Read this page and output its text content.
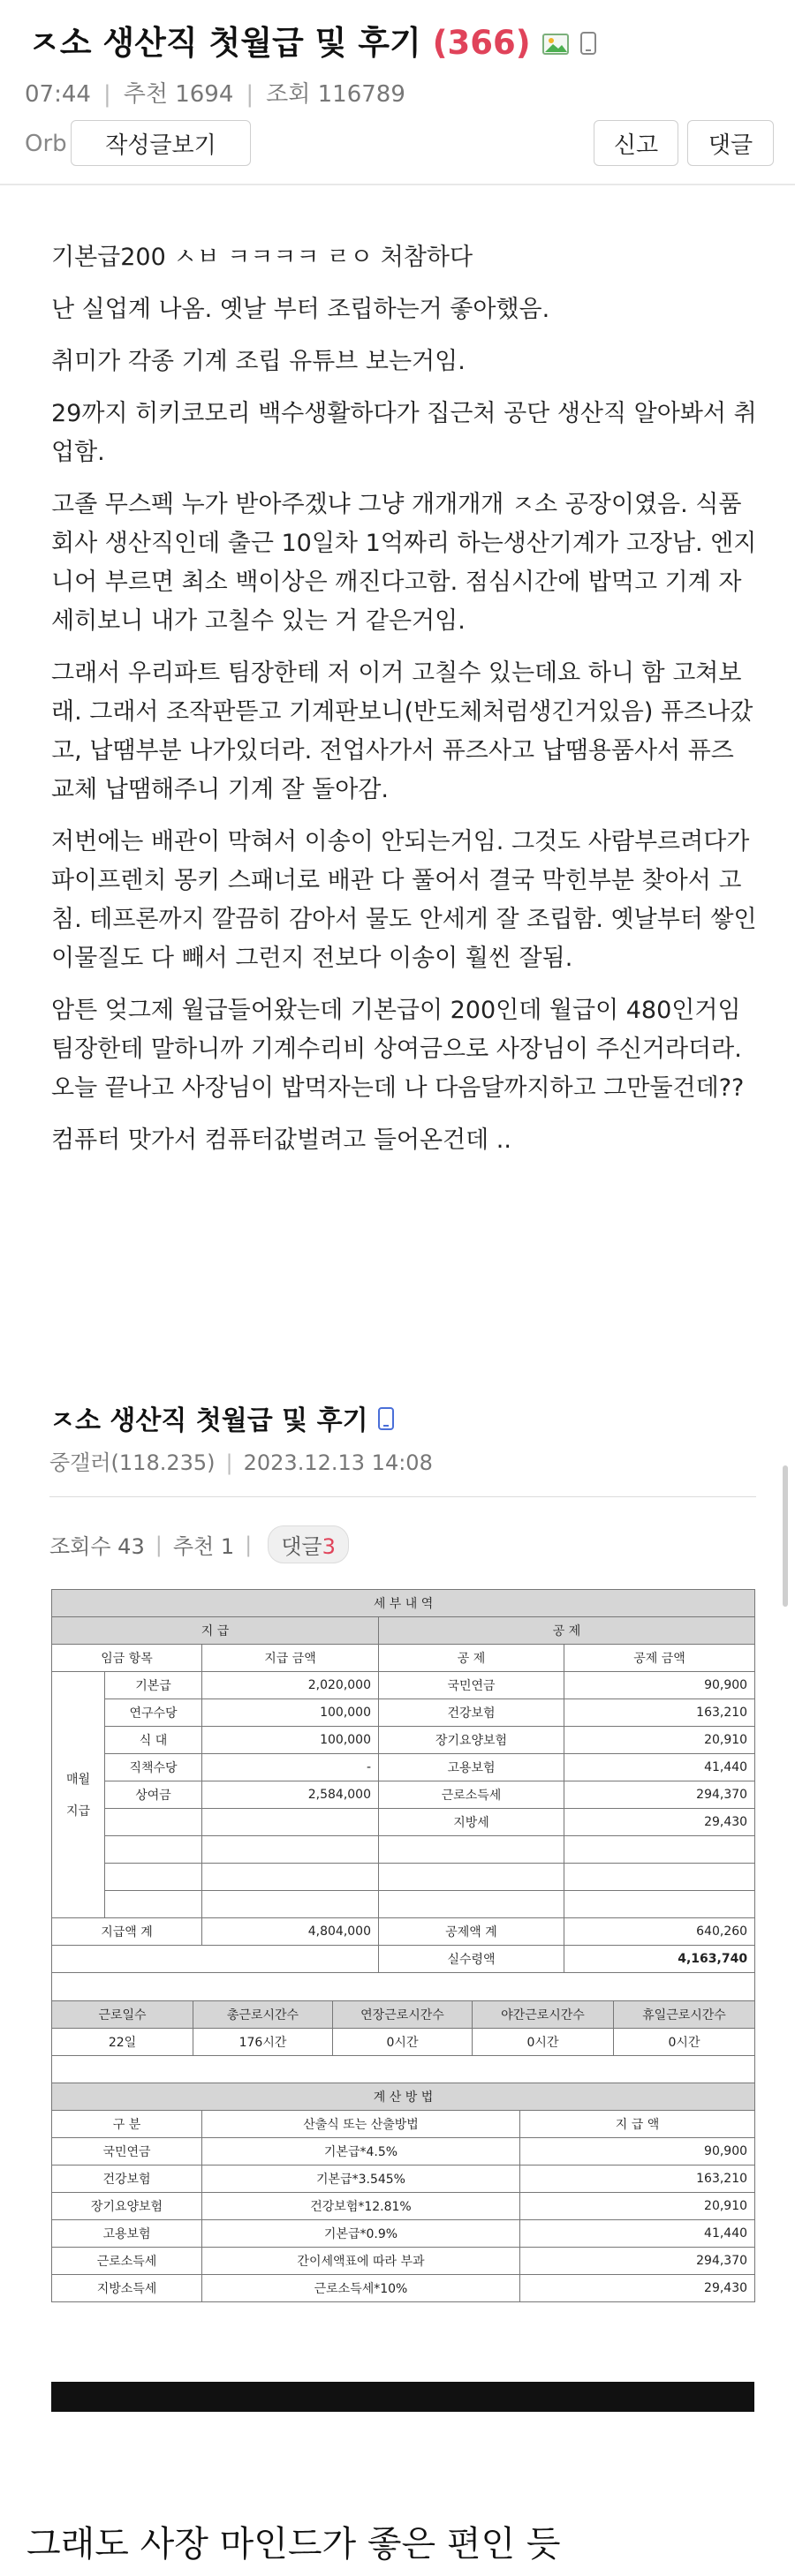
ㅈ소 생산직 첫월급 및 후기 (366)
07:44 | 추천 1694 | 조회 116789
Orb	작성글보기	신고	댓글

기본급200 ㅅㅂ ㅋㅋㅋㅋ ㄹㅇ 처참하다

난 실업계 나옴. 옛날 부터 조립하는거 좋아했음.

취미가 각종 기계 조립 유튜브 보는거임.

29까지 히키코모리 백수생활하다가 집근처 공단 생산직 알아봐서 취업함.

고졸 무스펙 누가 받아주겠냐 그냥 개개개개 ㅈ소 공장이였음. 식품회사 생산직인데 출근 10일차 1억짜리 하는생산기계가 고장남. 엔지니어 부르면 최소 백이상은 깨진다고함. 점심시간에 밥먹고 기계 자세히보니 내가 고칠수 있는 거 같은거임.

그래서 우리파트 팀장한테 저 이거 고칠수 있는데요 하니 함 고쳐보래. 그래서 조작판뜯고 기계판보니(반도체처럼생긴거있음) 퓨즈나갔고, 납땜부분 나가있더라. 전업사가서 퓨즈사고 납땜용품사서 퓨즈 교체 납땜해주니 기계 잘 돌아감.

저번에는 배관이 막혀서 이송이 안되는거임. 그것도 사람부르려다가 파이프렌치 몽키 스패너로 배관 다 풀어서 결국 막힌부분 찾아서 고침. 테프론까지 깔끔히 감아서 물도 안세게 잘 조립함. 옛날부터 쌓인 이물질도 다 빼서 그런지 전보다 이송이 훨씬 잘됨.

암튼 엊그제 월급들어왔는데 기본급이 200인데 월급이 480인거임 팀장한테 말하니까 기계수리비 상여금으로 사장님이 주신거라더라. 오늘 끝나고 사장님이 밥먹자는데 나 다음달까지하고 그만둘건데??

컴퓨터 맛가서 컴퓨터값벌려고 들어온건데 ..

ㅈ소 생산직 첫월급 및 후기
중갤러(118.235) | 2023.12.13 14:08
조회수 43 | 추천 1 |	댓글3
세 부 내 역				
지 급			공 제	
임금 항목		지급 금액	공 제	공제 금액
매월

지급	기본급	2,020,000	국민연금	90,900
	연구수당	100,000	건강보험	163,210
	식 대	100,000	장기요양보험	20,910
	직책수당	-	고용보험	41,440
	상여금	2,584,000	근로소득세	294,370
			지방세	29,430

지급액 계		4,804,000	공제액 계	640,260
			실수령액	4,163,740

근로일수	총근로시간수	연장근로시간수	야간근로시간수	휴일근로시간수
22일	176시간	0시간	0시간	0시간

계 산 방 법		
구 분	산출식 또는 산출방법	지 급 액
국민연금	기본급*4.5%	90,900
건강보험	기본급*3.545%	163,210
장기요양보험	건강보험*12.81%	20,910
고용보험	기본급*0.9%	41,440
근로소득세	간이세액표에 따라 부과	294,370
지방소득세	근로소득세*10%	29,430
그래도 사장 마인드가 좋은 편인 듯
